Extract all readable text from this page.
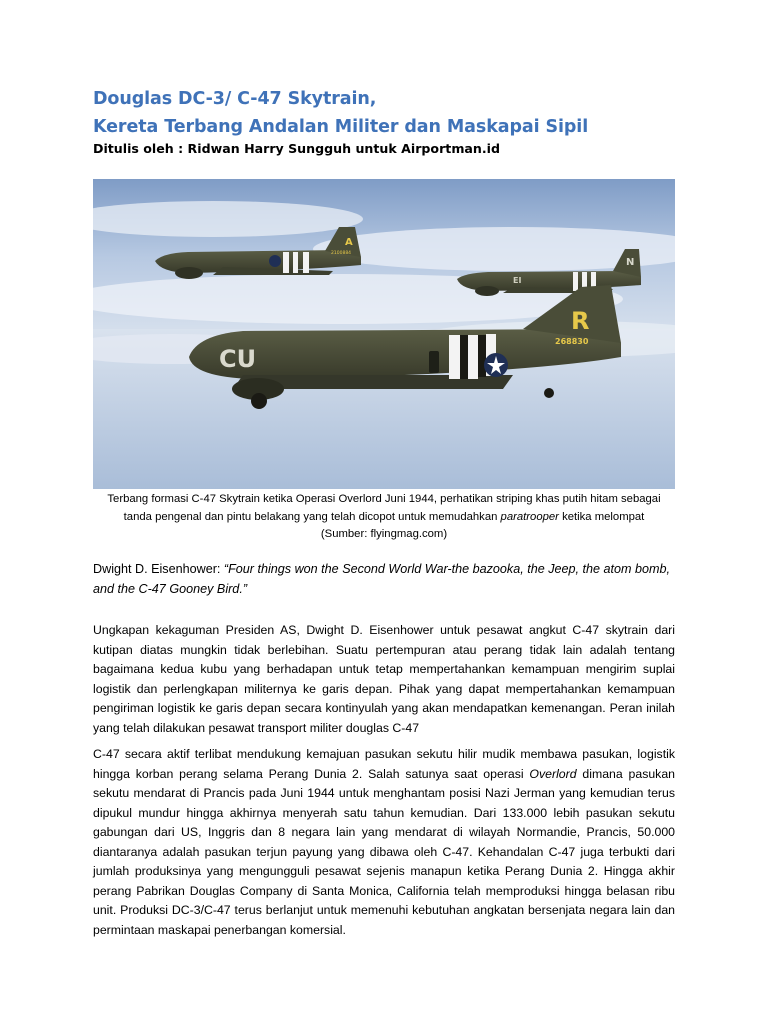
Douglas DC-3/ C-47 Skytrain,
Kereta Terbang Andalan Militer dan Maskapai Sipil
Ditulis oleh : Ridwan Harry Sungguh untuk Airportman.id
A
2100884
N
EI
R
268830
CU
Terbang formasi C-47 Skytrain ketika Operasi Overlord Juni 1944, perhatikan striping khas putih hitam sebagai
tanda pengenal dan pintu belakang yang telah dicopot untuk memudahkan paratrooper ketika melompat
(Sumber: flyingmag.com)
Dwight D. Eisenhower: “Four things won the Second World War-the bazooka, the Jeep, the atom bomb, and the C-47 Gooney Bird.”

Ungkapan kekaguman Presiden AS, Dwight D. Eisenhower untuk pesawat angkut C-47 skytrain dari kutipan diatas mungkin tidak berlebihan. Suatu pertempuran atau perang tidak lain adalah tentang bagaimana kedua kubu yang berhadapan untuk tetap mempertahankan kemampuan mengirim suplai logistik dan perlengkapan militernya ke garis depan. Pihak yang dapat mempertahankan kemampuan pengiriman logistik ke garis depan secara kontinyulah yang akan mendapatkan kemenangan. Peran inilah yang telah dilakukan pesawat transport militer douglas C-47

C-47 secara aktif terlibat mendukung kemajuan pasukan sekutu hilir mudik membawa pasukan, logistik hingga korban perang selama Perang Dunia 2. Salah satunya saat operasi Overlord dimana pasukan sekutu mendarat di Prancis pada Juni 1944 untuk menghantam posisi Nazi Jerman yang kemudian terus dipukul mundur hingga akhirnya menyerah satu tahun kemudian. Dari 133.000 lebih pasukan sekutu gabungan dari US, Inggris dan 8 negara lain yang mendarat di wilayah Normandie, Prancis, 50.000 diantaranya adalah pasukan terjun payung yang dibawa oleh C-47. Kehandalan C-47 juga terbukti dari jumlah produksinya yang mengungguli pesawat sejenis manapun ketika Perang Dunia 2. Hingga akhir perang Pabrikan Douglas Company di Santa Monica, California telah memproduksi hingga belasan ribu unit. Produksi DC-3/C-47 terus berlanjut untuk memenuhi kebutuhan angkatan bersenjata negara lain dan permintaan maskapai penerbangan komersial.
